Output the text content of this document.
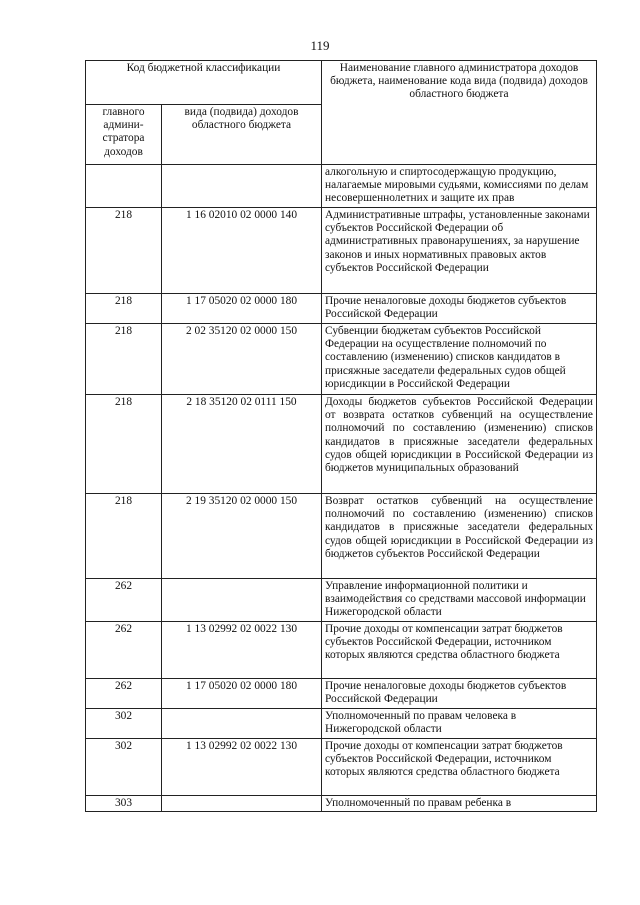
119
Код бюджетной классификации		Наименование главного администратора доходов бюджета, наименование кода вида (подвида) доходов областного бюджета
главного админи-стратора доходов	вида (подвида) доходов областного бюджета	
		алкогольную и спиртосодержащую продукцию, налагаемые мировыми судьями, комиссиями по делам несовершеннолетних и защите их прав
218	1 16 02010 02 0000 140	Административные штрафы, установленные законами субъектов Российской Федерации об административных правонарушениях, за нарушение законов и иных нормативных правовых актов субъектов Российской Федерации
218	1 17 05020 02 0000 180	Прочие неналоговые доходы бюджетов субъектов Российской Федерации
218	2 02 35120 02 0000 150	Субвенции бюджетам субъектов Российской Федерации на осуществление полномочий по составлению (изменению) списков кандидатов в присяжные заседатели федеральных судов общей юрисдикции в Российской Федерации
218	2 18 35120 02 0111 150	Доходы бюджетов субъектов Российской Федерации от возврата остатков субвенций на осуществление полномочий по составлению (изменению) списков кандидатов в присяжные заседатели федеральных судов общей юрисдикции в Российской Федерации из бюджетов муниципальных образований
218	2 19 35120 02 0000 150	Возврат остатков субвенций на осуществление полномочий по составлению (изменению) списков кандидатов в присяжные заседатели федеральных судов общей юрисдикции в Российской Федерации из бюджетов субъектов Российской Федерации
262		Управление информационной политики и взаимодействия со средствами массовой информации Нижегородской области
262	1 13 02992 02 0022 130	Прочие доходы от компенсации затрат бюджетов субъектов Российской Федерации, источником которых являются средства областного бюджета
262	1 17 05020 02 0000 180	Прочие неналоговые доходы бюджетов субъектов Российской Федерации
302		Уполномоченный по правам человека в Нижегородской области
302	1 13 02992 02 0022 130	Прочие доходы от компенсации затрат бюджетов субъектов Российской Федерации, источником которых являются средства областного бюджета
303		Уполномоченный по правам ребенка в
